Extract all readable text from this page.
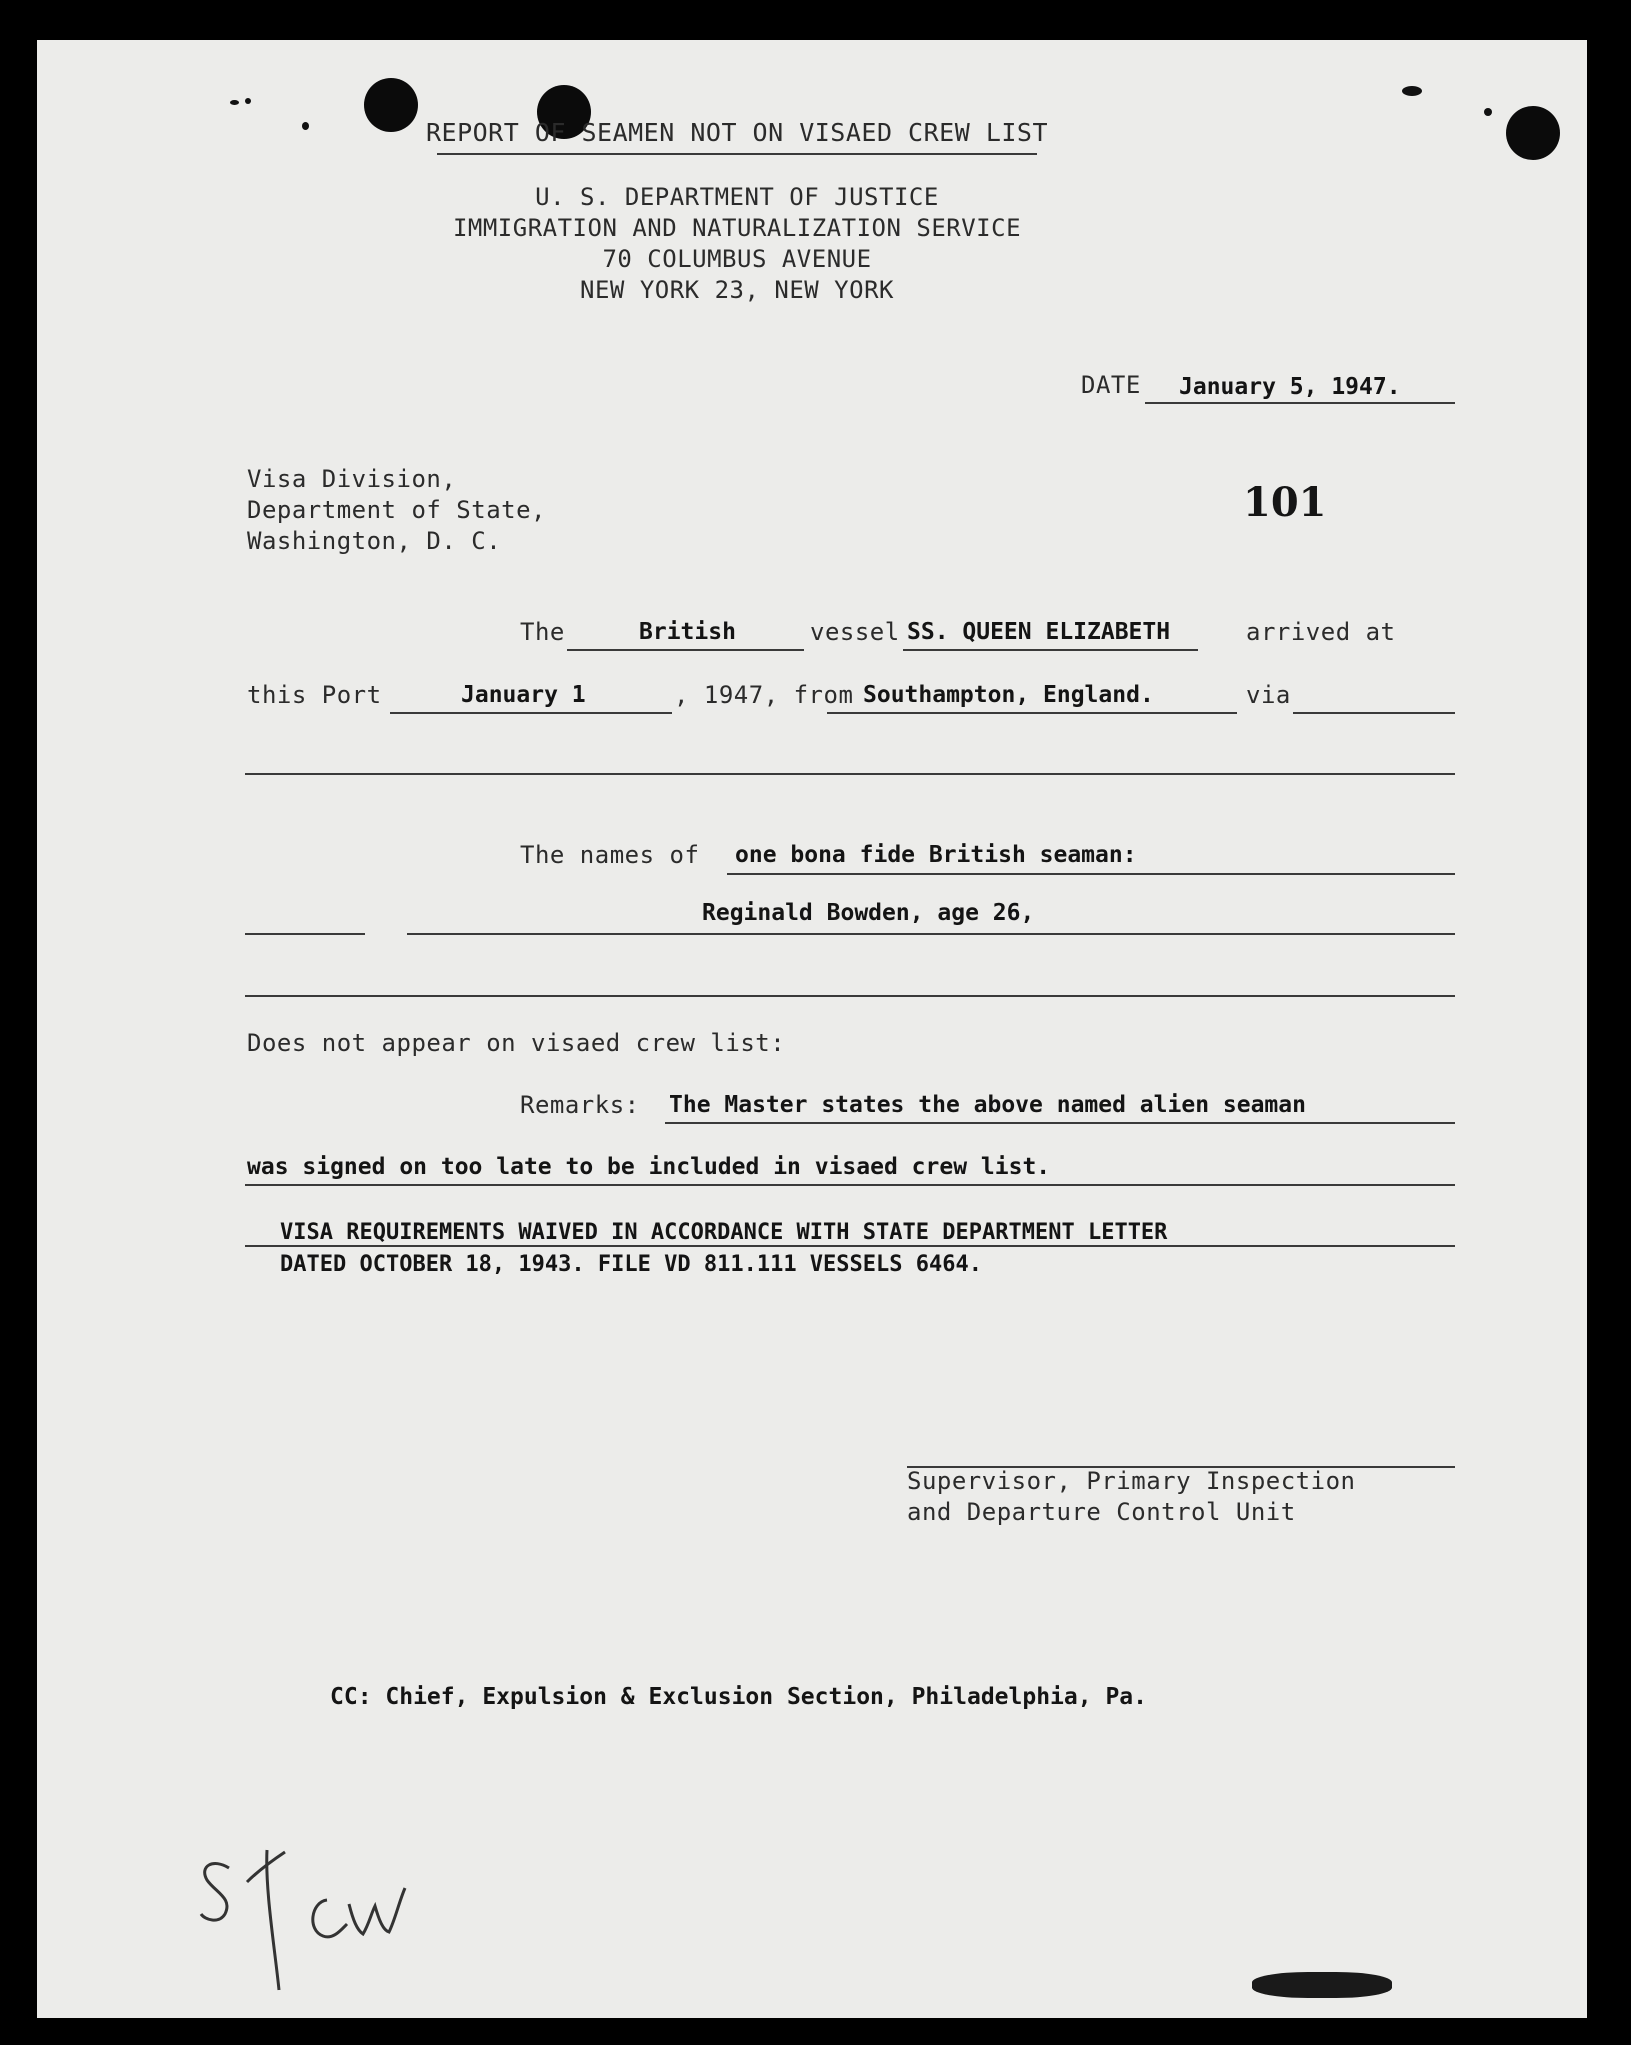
REPORT OF SEAMEN NOT ON VISAED CREW LIST
U. S. DEPARTMENT OF JUSTICE
IMMIGRATION AND NATURALIZATION SERVICE
70 COLUMBUS AVENUE
NEW YORK 23, NEW YORK
DATE January 5, 1947.
Visa Division,
Department of State,
Washington, D. C.
101
The	British	vessel SS. QUEEN ELIZABETH	arrived at
this Port	January 1	, 1947, from Southampton, England.	via
The names of one bona fide British seaman:
Reginald Bowden, age 26,
Does not appear on visaed crew list:
Remarks: The Master states the above named alien seaman
was signed on too late to be included in visaed crew list.
VISA REQUIREMENTS WAIVED IN ACCORDANCE WITH STATE DEPARTMENT LETTER
DATED OCTOBER 18, 1943. FILE VD 811.111 VESSELS 6464.
Supervisor, Primary Inspection
and Departure Control Unit
CC: Chief, Expulsion & Exclusion Section, Philadelphia, Pa.
